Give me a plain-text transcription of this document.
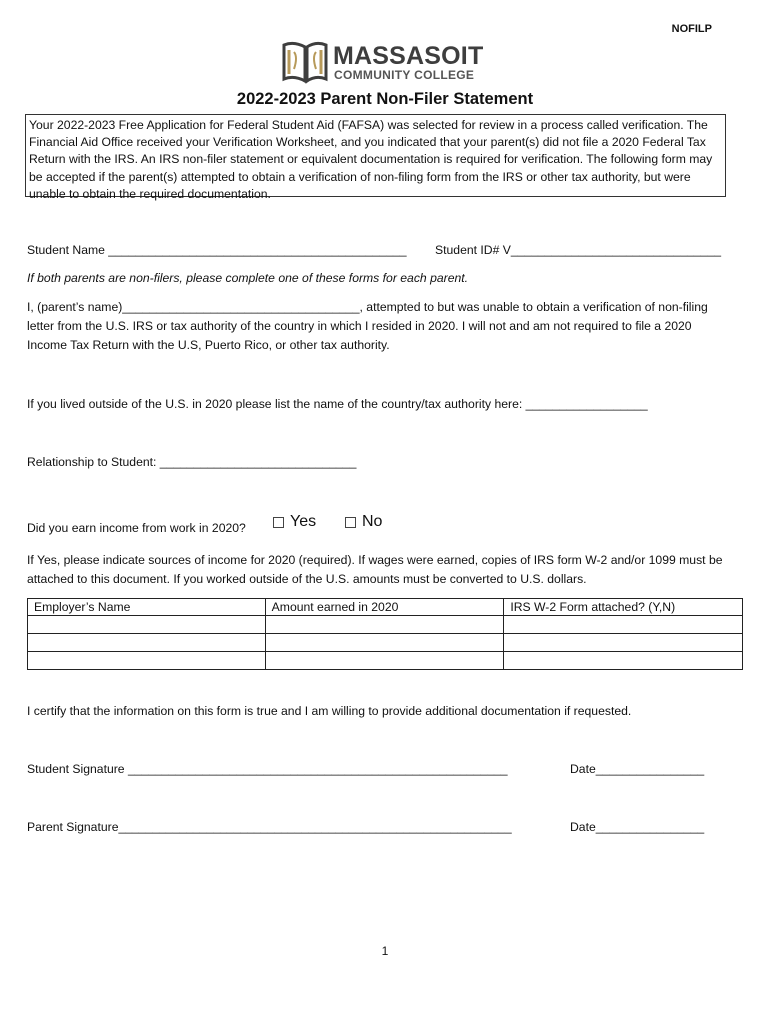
NOFILP
MASSASOIT
COMMUNITY COLLEGE
2022-2023 Parent Non-Filer Statement
Your 2022-2023 Free Application for Federal Student Aid (FAFSA) was selected for review in a process called verification. The Financial Aid Office received your Verification Worksheet, and you indicated that your parent(s) did not file a 2020 Federal Tax Return with the IRS. An IRS non-filer statement or equivalent documentation is required for verification. The following form may be accepted if the parent(s) attempted to obtain a verification of non-filing form from the IRS or other tax authority, but were unable to obtain the required documentation.
Student Name ____________________________________________ Student ID# V_______________________________
If both parents are non-filers, please complete one of these forms for each parent.
I, (parent’s name)___________________________________, attempted to but was unable to obtain a verification of non-filing letter from the U.S. IRS or tax authority of the country in which I resided in 2020. I will not and am not required to file a 2020 Income Tax Return with the U.S, Puerto Rico, or other tax authority.
If you lived outside of the U.S. in 2020 please list the name of the country/tax authority here: __________________
Relationship to Student: _____________________________
Did you earn income from work in 2020?	Yes	No
If Yes, please indicate sources of income for 2020 (required). If wages were earned, copies of IRS form W-2 and/or 1099 must be attached to this document. If you worked outside of the U.S. amounts must be converted to U.S. dollars.
Employer’s Name	Amount earned in 2020	IRS W-2 Form attached? (Y,N)

I certify that the information on this form is true and I am willing to provide additional documentation if requested.
Student Signature ________________________________________________________	Date________________
Parent Signature__________________________________________________________	Date________________
1
